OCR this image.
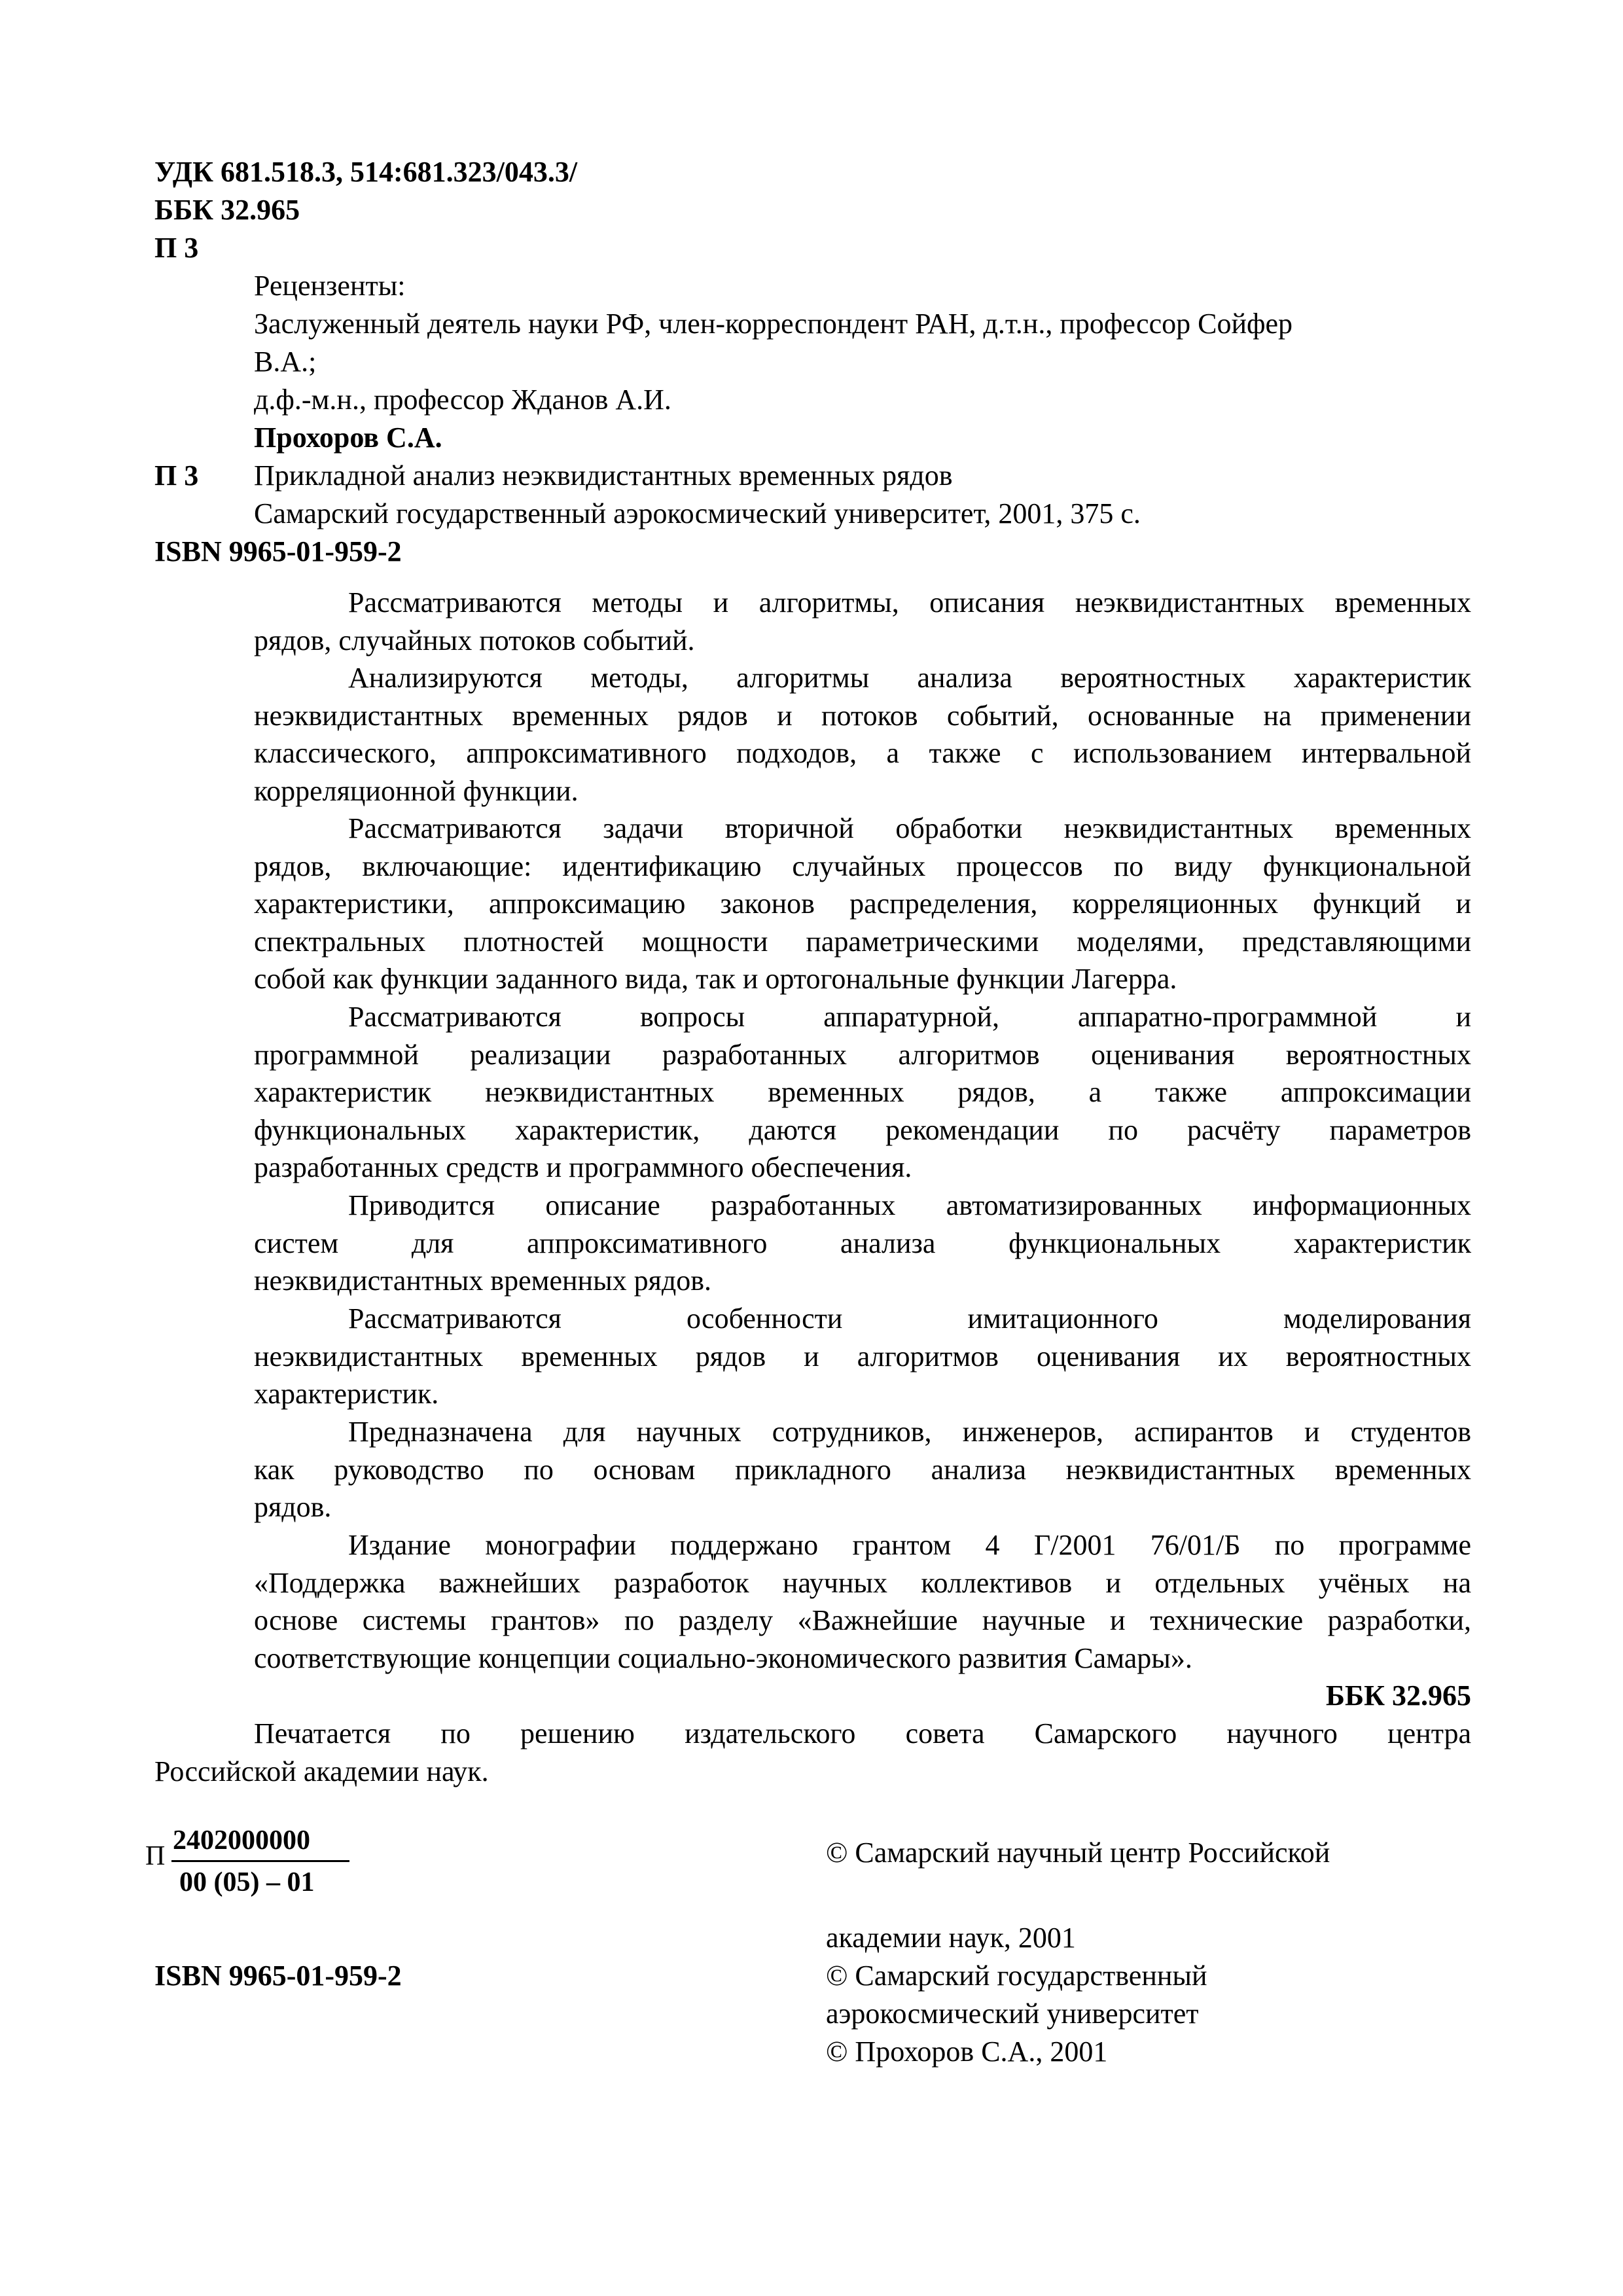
УДК 681.518.3, 514:681.323/043.3/
ББК 32.965
П 3
Рецензенты:
Заслуженный деятель науки РФ, член-корреспондент РАН, д.т.н., профессор Сойфер
В.А.;
д.ф.-м.н., профессор Жданов А.И.
Прохоров С.А.
П 3 Прикладной анализ неэквидистантных временных рядов
Самарский государственный аэрокосмический университет, 2001, 375 с.
ISBN 9965-01-959-2
Рассматриваются методы и алгоритмы, описания неэквидистантных временных
рядов, случайных потоков событий.
Анализируются методы, алгоритмы анализа вероятностных характеристик
неэквидистантных временных рядов и потоков событий, основанные на применении
классического, аппроксимативного подходов, а также с использованием интервальной
корреляционной функции.
Рассматриваются задачи вторичной обработки неэквидистантных временных
рядов, включающие: идентификацию случайных процессов по виду функциональной
характеристики, аппроксимацию законов распределения, корреляционных функций и
спектральных плотностей мощности параметрическими моделями, представляющими
собой как функции заданного вида, так и ортогональные функции Лагерра.
Рассматриваются вопросы аппаратурной, аппаратно-программной и
программной реализации разработанных алгоритмов оценивания вероятностных
характеристик неэквидистантных временных рядов, а также аппроксимации
функциональных характеристик, даются рекомендации по расчёту параметров
разработанных средств и программного обеспечения.
Приводится описание разработанных автоматизированных информационных
систем для аппроксимативного анализа функциональных характеристик
неэквидистантных временных рядов.
Рассматриваются особенности имитационного моделирования
неэквидистантных временных рядов и алгоритмов оценивания их вероятностных
характеристик.
Предназначена для научных сотрудников, инженеров, аспирантов и студентов
как руководство по основам прикладного анализа неэквидистантных временных
рядов.
Издание монографии поддержано грантом 4 Г/2001 76/01/Б по программе
«Поддержка важнейших разработок научных коллективов и отдельных учёных на
основе системы грантов» по разделу «Важнейшие научные и технические разработки,
соответствующие концепции социально-экономического развития Самары».
ББК 32.965
Печатается по решению издательского совета Самарского научного центра
Российской академии наук.
П
2402000000
00 (05) – 01
ISBN 9965-01-959-2
© Самарский научный центр Российской
академии наук, 2001
© Самарский государственный
аэрокосмический университет
© Прохоров С.А., 2001
